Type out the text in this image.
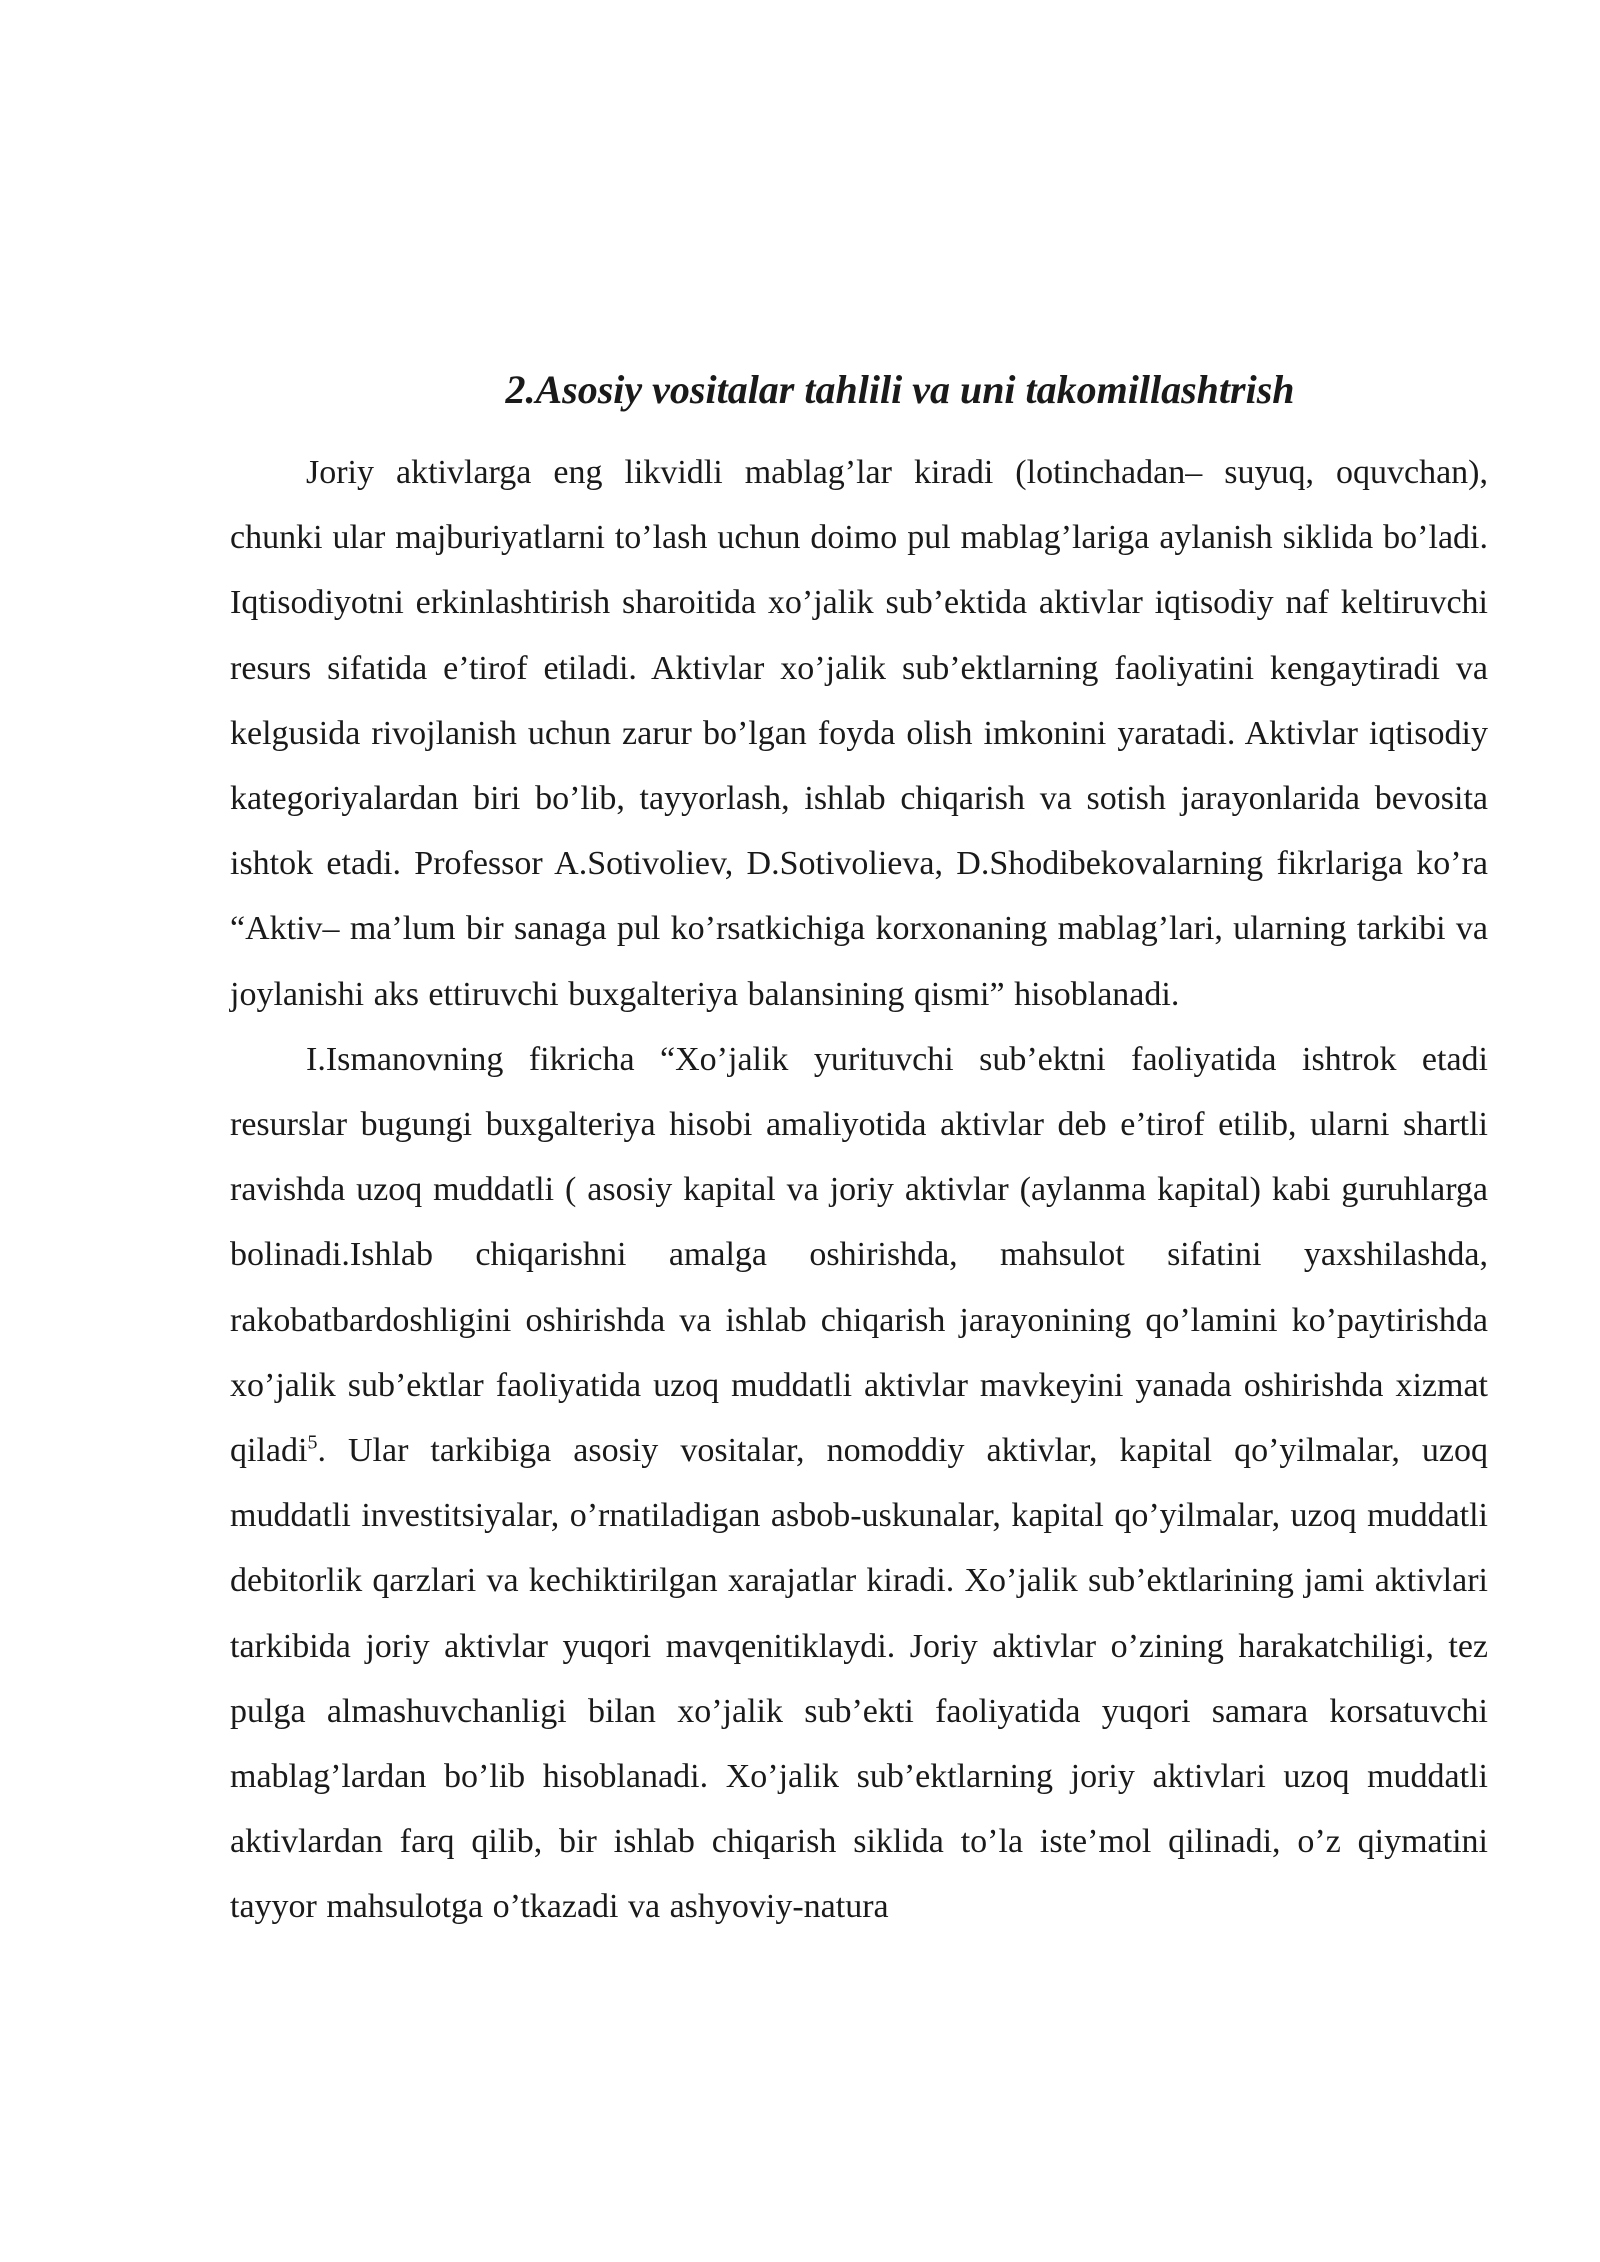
2.Asosiy vositalar tahlili va uni takomillashtrish

Joriy aktivlarga eng likvidli mablag’lar kiradi (lotinchadan– suyuq, oquvchan), chunki ular majburiyatlarni to’lash uchun doimo pul mablag’lariga aylanish siklida bo’ladi. Iqtisodiyotni erkinlashtirish sharoitida xo’jalik sub’ektida aktivlar iqtisodiy naf keltiruvchi resurs sifatida e’tirof etiladi. Aktivlar xo’jalik sub’ektlarning faoliyatini kengaytiradi va kelgusida rivojlanish uchun zarur bo’lgan foyda olish imkonini yaratadi. Aktivlar iqtisodiy kategoriyalardan biri bo’lib, tayyorlash, ishlab chiqarish va sotish jarayonlarida bevosita ishtok etadi. Professor A.Sotivoliev, D.Sotivolieva, D.Shodibekovalarning fikrlariga ko’ra “Aktiv– ma’lum bir sanaga pul ko’rsatkichiga korxonaning mablag’lari, ularning tarkibi va joylanishi aks ettiruvchi buxgalteriya balansining qismi” hisoblanadi.

I.Ismanovning fikricha “Xo’jalik yurituvchi sub’ektni faoliyatida ishtrok etadi resurslar bugungi buxgalteriya hisobi amaliyotida aktivlar deb e’tirof etilib, ularni shartli ravishda uzoq muddatli ( asosiy kapital va joriy aktivlar (aylanma kapital) kabi guruhlarga bolinadi.Ishlab chiqarishni amalga oshirishda, mahsulot sifatini yaxshilashda, rakobatbardoshligini oshirishda va ishlab chiqarish jarayonining qo’lamini ko’paytirishda xo’jalik sub’ektlar faoliyatida uzoq muddatli aktivlar mavkeyini yanada oshirishda xizmat qiladi$^5$. Ular tarkibiga asosiy vositalar, nomoddiy aktivlar, kapital qo’yilmalar, uzoq muddatli investitsiyalar, o’rnatiladigan asbob-uskunalar, kapital qo’yilmalar, uzoq muddatli debitorlik qarzlari va kechiktirilgan xarajatlar kiradi. Xo’jalik sub’ektlarining jami aktivlari tarkibida joriy aktivlar yuqori mavqenitiklaydi. Joriy aktivlar o’zining harakatchiligi, tez pulga almashuvchanligi bilan xo’jalik sub’ekti faoliyatida yuqori samara korsatuvchi mablag’lardan bo’lib hisoblanadi. Xo’jalik sub’ektlarning joriy aktivlari uzoq muddatli aktivlardan farq qilib, bir ishlab chiqarish siklida to’la iste’mol qilinadi, o’z qiymatini tayyor mahsulotga o’tkazadi va ashyoviy-natura
